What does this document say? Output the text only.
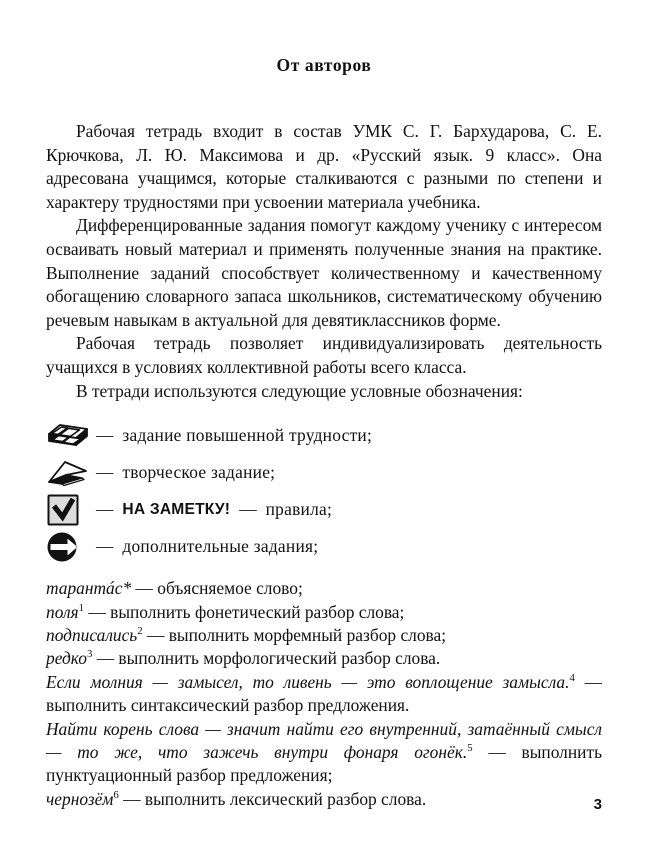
От авторов

Рабочая тетрадь входит в состав УМК С. Г. Бархударова, С. Е. Крючкова, Л. Ю. Максимова и др. «Русский язык. 9 класс». Она адресована учащимся, которые сталкиваются с разными по степени и характеру трудностями при усвоении материала учебника.

Дифференцированные задания помогут каждому ученику с интересом осваивать новый материал и применять полученные знания на практике. Выполнение заданий способствует количественному и качественному обогащению словарного запаса школьников, систематическому обучению речевым навыкам в актуальной для девятиклассников форме.

Рабочая тетрадь позволяет индивидуализировать деятельность учащихся в условиях коллективной работы всего класса.

В тетради используются следующие условные обозначения:

— задание повышенной трудности;
— творческое задание;
— НА ЗАМЕТКУ! — правила;
— дополнительные задания;

тарантáс* — объясняемое слово;

поля$^1$ — выполнить фонетический разбор слова;

подписались$^2$ — выполнить морфемный разбор слова;

редко$^3$ — выполнить морфологический разбор слова.

Если молния — замысел, то ливень — это воплощение замысла.$^4$ — выполнить синтаксический разбор предложения.

Найти корень слова — значит найти его внутренний, затаённый смысл — то же, что зажечь внутри фонаря огонёк.$^5$ — выполнить пунктуационный разбор предложения;

чернозём$^6$ — выполнить лексический разбор слова.	3
